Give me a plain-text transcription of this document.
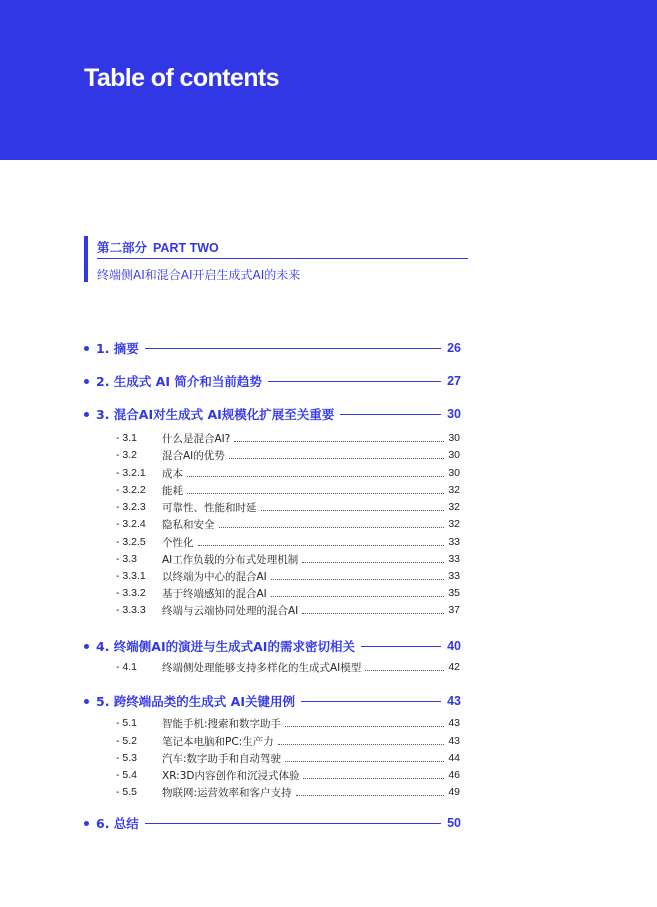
Table of contents
第二部分 PART TWO
终端侧AI和混合AI开启生成式AI的未来
1. 摘要	26
2. 生成式 AI 简介和当前趋势	27
3. 混合AI对生成式 AI规模化扩展至关重要	30
- 3.1	什么是混合AI?	30
- 3.2	混合AI的优势	30
- 3.2.1	成本	30
- 3.2.2	能耗	32
- 3.2.3	可靠性、性能和时延	32
- 3.2.4	隐私和安全	32
- 3.2.5	个性化	33
- 3.3	AI工作负载的分布式处理机制	33
- 3.3.1	以终端为中心的混合AI	33
- 3.3.2	基于终端感知的混合AI	35
- 3.3.3	终端与云端协同处理的混合AI	37
4. 终端侧AI的演进与生成式AI的需求密切相关	40
- 4.1	终端侧处理能够支持多样化的生成式AI模型	42
5. 跨终端品类的生成式 AI关键用例	43
- 5.1	智能手机:搜索和数字助手	43
- 5.2	笔记本电脑和PC:生产力	43
- 5.3	汽车:数字助手和自动驾驶	44
- 5.4	XR:3D内容创作和沉浸式体验	46
- 5.5	物联网:运营效率和客户支持	49
6. 总结	50
